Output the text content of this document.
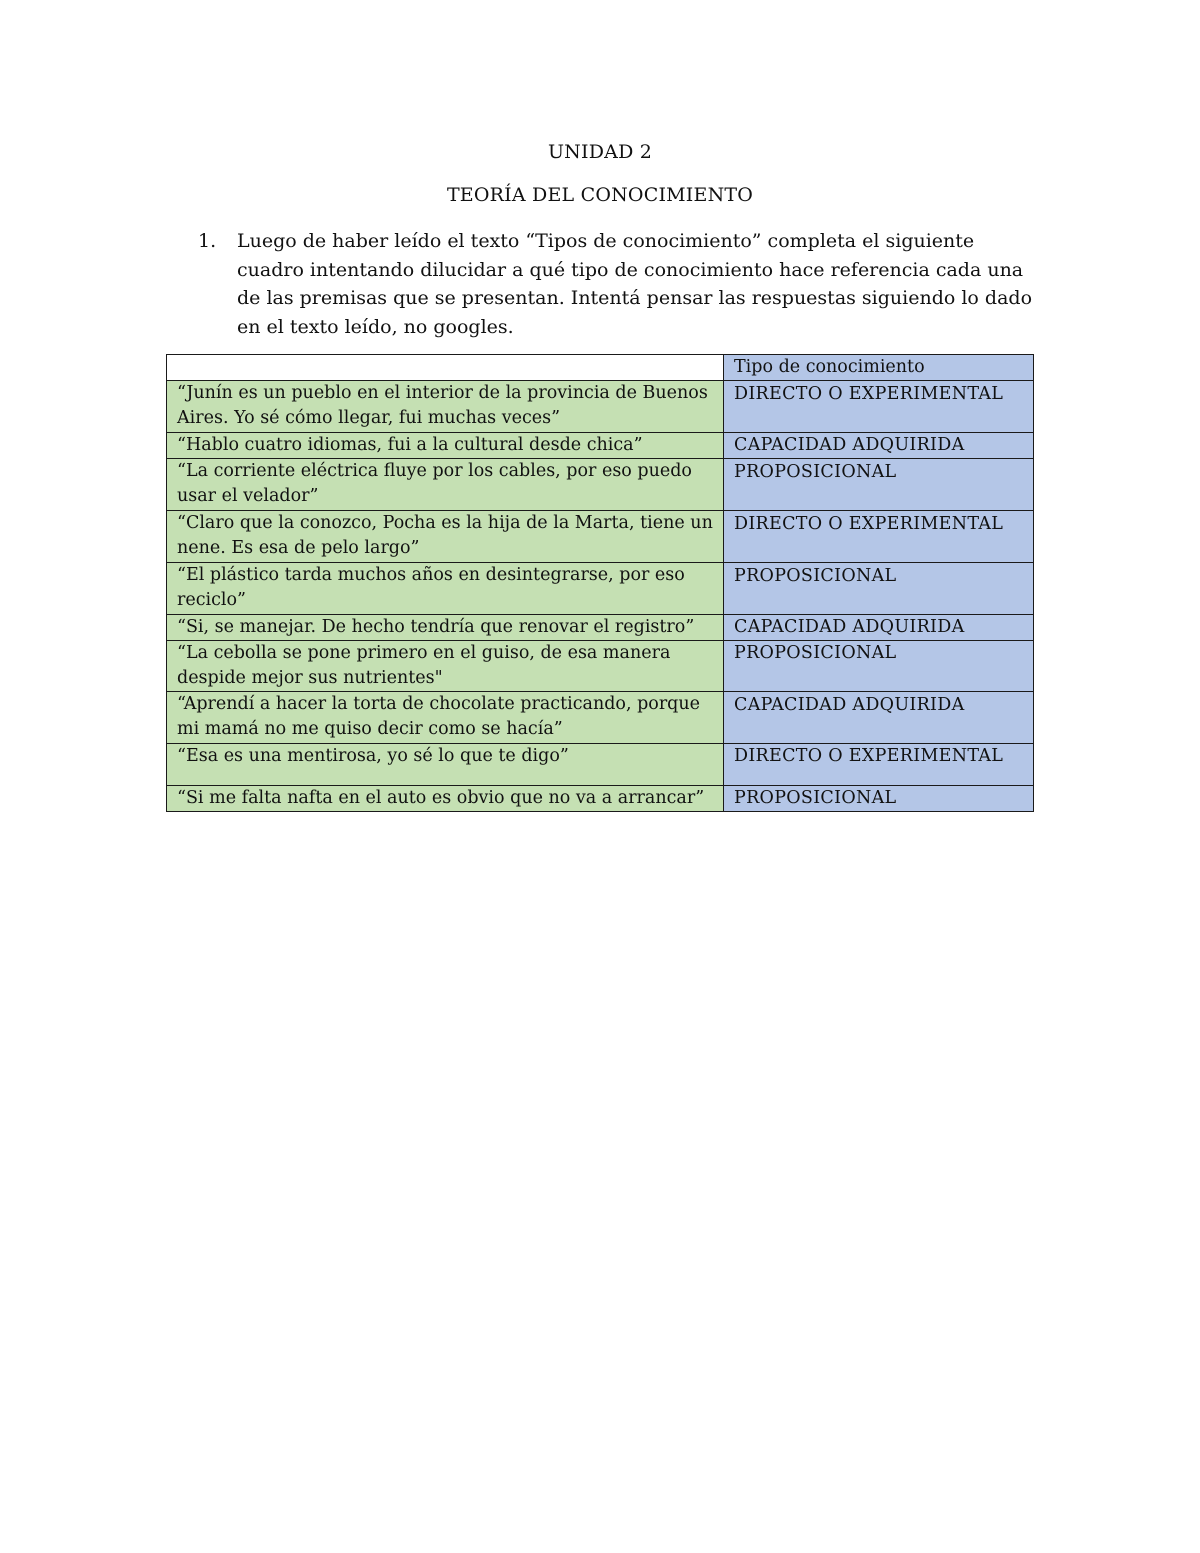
UNIDAD 2
TEORÍA DEL CONOCIMIENTO
1. Luego de haber leído el texto “Tipos de conocimiento” completa el siguiente cuadro intentando dilucidar a qué tipo de conocimiento hace referencia cada una de las premisas que se presentan. Intentá pensar las respuestas siguiendo lo dado en el texto leído, no googles.
	Tipo de conocimiento
“Junín es un pueblo en el interior de la provincia de Buenos Aires. Yo sé cómo llegar, fui muchas veces”	DIRECTO O EXPERIMENTAL
“Hablo cuatro idiomas, fui a la cultural desde chica”	CAPACIDAD ADQUIRIDA
“La corriente eléctrica fluye por los cables, por eso puedo usar el velador”	PROPOSICIONAL
“Claro que la conozco, Pocha es la hija de la Marta, tiene un nene. Es esa de pelo largo”	DIRECTO O EXPERIMENTAL
“El plástico tarda muchos años en desintegrarse, por eso reciclo”	PROPOSICIONAL
“Si, se manejar. De hecho tendría que renovar el registro”	CAPACIDAD ADQUIRIDA
“La cebolla se pone primero en el guiso, de esa manera despide mejor sus nutrientes"	PROPOSICIONAL
“Aprendí a hacer la torta de chocolate practicando, porque mi mamá no me quiso decir como se hacía”	CAPACIDAD ADQUIRIDA
“Esa es una mentirosa, yo sé lo que te digo”	DIRECTO O EXPERIMENTAL
“Si me falta nafta en el auto es obvio que no va a arrancar”	PROPOSICIONAL
